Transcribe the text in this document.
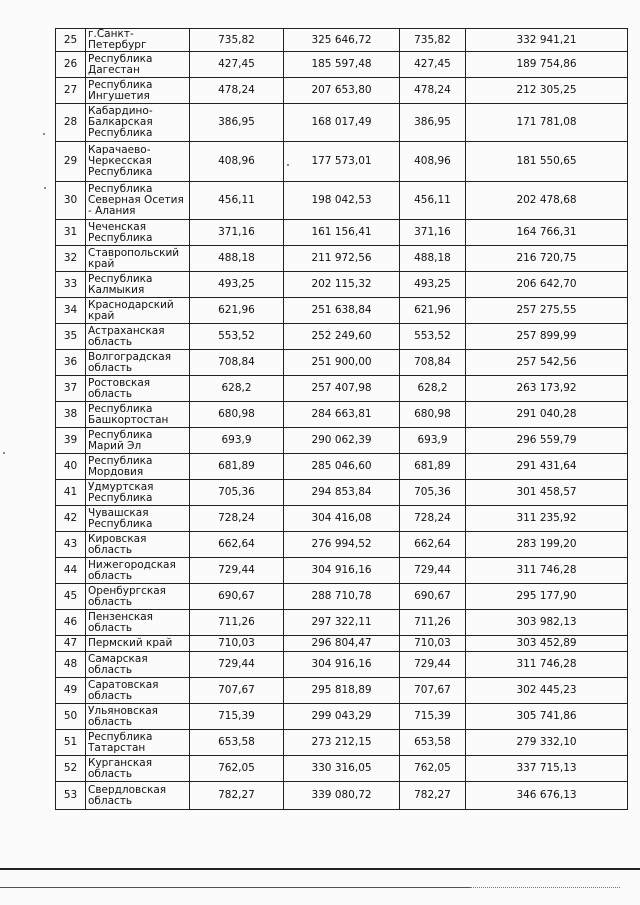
25	г.Санкт-Петербург	735,82	325 646,72	735,82	332 941,21
26	Республика Дагестан	427,45	185 597,48	427,45	189 754,86
27	Республика Ингушетия	478,24	207 653,80	478,24	212 305,25
28	Кабардино-Балкарская Республика	386,95	168 017,49	386,95	171 781,08
29	Карачаево-Черкесская Республика	408,96	177 573,01	408,96	181 550,65
30	Республика Северная Осетия - Алания	456,11	198 042,53	456,11	202 478,68
31	Чеченская Республика	371,16	161 156,41	371,16	164 766,31
32	Ставропольский край	488,18	211 972,56	488,18	216 720,75
33	Республика Калмыкия	493,25	202 115,32	493,25	206 642,70
34	Краснодарский край	621,96	251 638,84	621,96	257 275,55
35	Астраханская область	553,52	252 249,60	553,52	257 899,99
36	Волгоградская область	708,84	251 900,00	708,84	257 542,56
37	Ростовская область	628,2	257 407,98	628,2	263 173,92
38	Республика Башкортостан	680,98	284 663,81	680,98	291 040,28
39	Республика Марий Эл	693,9	290 062,39	693,9	296 559,79
40	Республика Мордовия	681,89	285 046,60	681,89	291 431,64
41	Удмуртская Республика	705,36	294 853,84	705,36	301 458,57
42	Чувашская Республика	728,24	304 416,08	728,24	311 235,92
43	Кировская область	662,64	276 994,52	662,64	283 199,20
44	Нижегородская область	729,44	304 916,16	729,44	311 746,28
45	Оренбургская область	690,67	288 710,78	690,67	295 177,90
46	Пензенская область	711,26	297 322,11	711,26	303 982,13
47	Пермский край	710,03	296 804,47	710,03	303 452,89
48	Самарская область	729,44	304 916,16	729,44	311 746,28
49	Саратовская область	707,67	295 818,89	707,67	302 445,23
50	Ульяновская область	715,39	299 043,29	715,39	305 741,86
51	Республика Татарстан	653,58	273 212,15	653,58	279 332,10
52	Курганская область	762,05	330 316,05	762,05	337 715,13
53	Свердловская область	782,27	339 080,72	782,27	346 676,13
